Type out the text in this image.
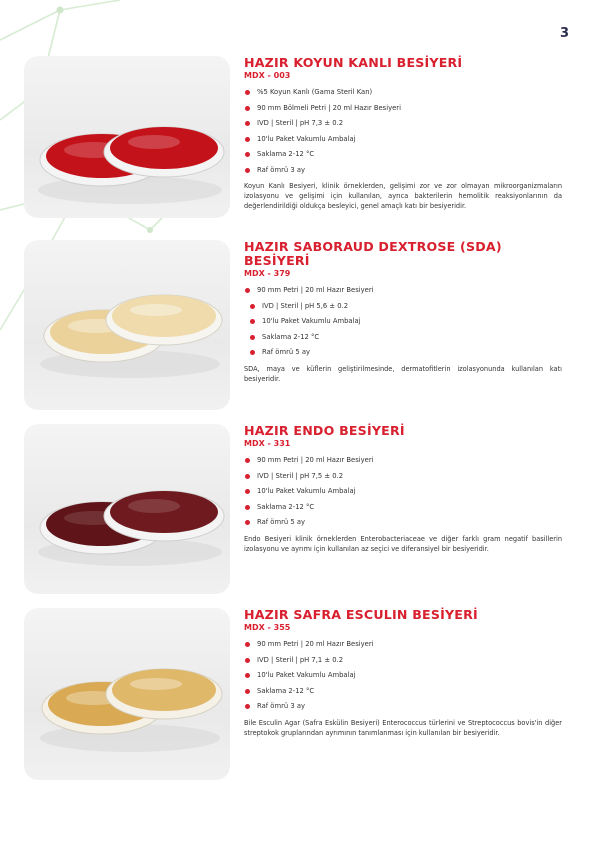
3
HAZIR KOYUN KANLI BESİYERİ
MDX - 003
%5 Koyun Kanlı (Gama Steril Kan)
90 mm Bölmeli Petri | 20 ml Hazır Besiyeri
IVD | Steril | pH 7,3 ± 0.2
10'lu Paket Vakumlu Ambalaj
Saklama 2-12 °C
Raf ömrü 3 ay
Koyun Kanlı Besiyeri, klinik örneklerden, gelişimi zor ve zor olmayan mikroorganizmaların izolasyonu ve gelişimi için kullanılan, ayrıca bakterilerin hemolitik reaksiyonlarının da değerlendirildiği oldukça besleyici, genel amaçlı katı bir besiyeridir.
HAZIR SABORAUD DEXTROSE (SDA) BESİYERİ
MDX - 379
90 mm Petri | 20 ml Hazır Besiyeri
IVD | Steril | pH 5,6 ± 0.2
10'lu Paket Vakumlu Ambalaj
Saklama 2-12 °C
Raf ömrü 5 ay
SDA, maya ve küflerin geliştirilmesinde, dermatofitlerin izolasyonunda kullanılan katı besiyeridir.
HAZIR ENDO BESİYERİ
MDX - 331
90 mm Petri | 20 ml Hazır Besiyeri
IVD | Steril | pH 7,5 ± 0.2
10'lu Paket Vakumlu Ambalaj
Saklama 2-12 °C
Raf ömrü 5 ay
Endo Besiyeri klinik örneklerden Enterobacteriaceae ve diğer farklı gram negatif basillerin izolasyonu ve ayrımı için kullanılan az seçici ve diferansiyel bir besiyeridir.
HAZIR SAFRA ESCULIN BESİYERİ
MDX - 355
90 mm Petri | 20 ml Hazır Besiyeri
IVD | Steril | pH 7,1 ± 0.2
10'lu Paket Vakumlu Ambalaj
Saklama 2-12 °C
Raf ömrü 3 ay
Bile Esculin Agar (Safra Eskülin Besiyeri) Enterococcus türlerini ve Streptococcus bovis'in diğer streptokok gruplarından ayrımının tanımlanması için kullanılan bir besiyeridir.
